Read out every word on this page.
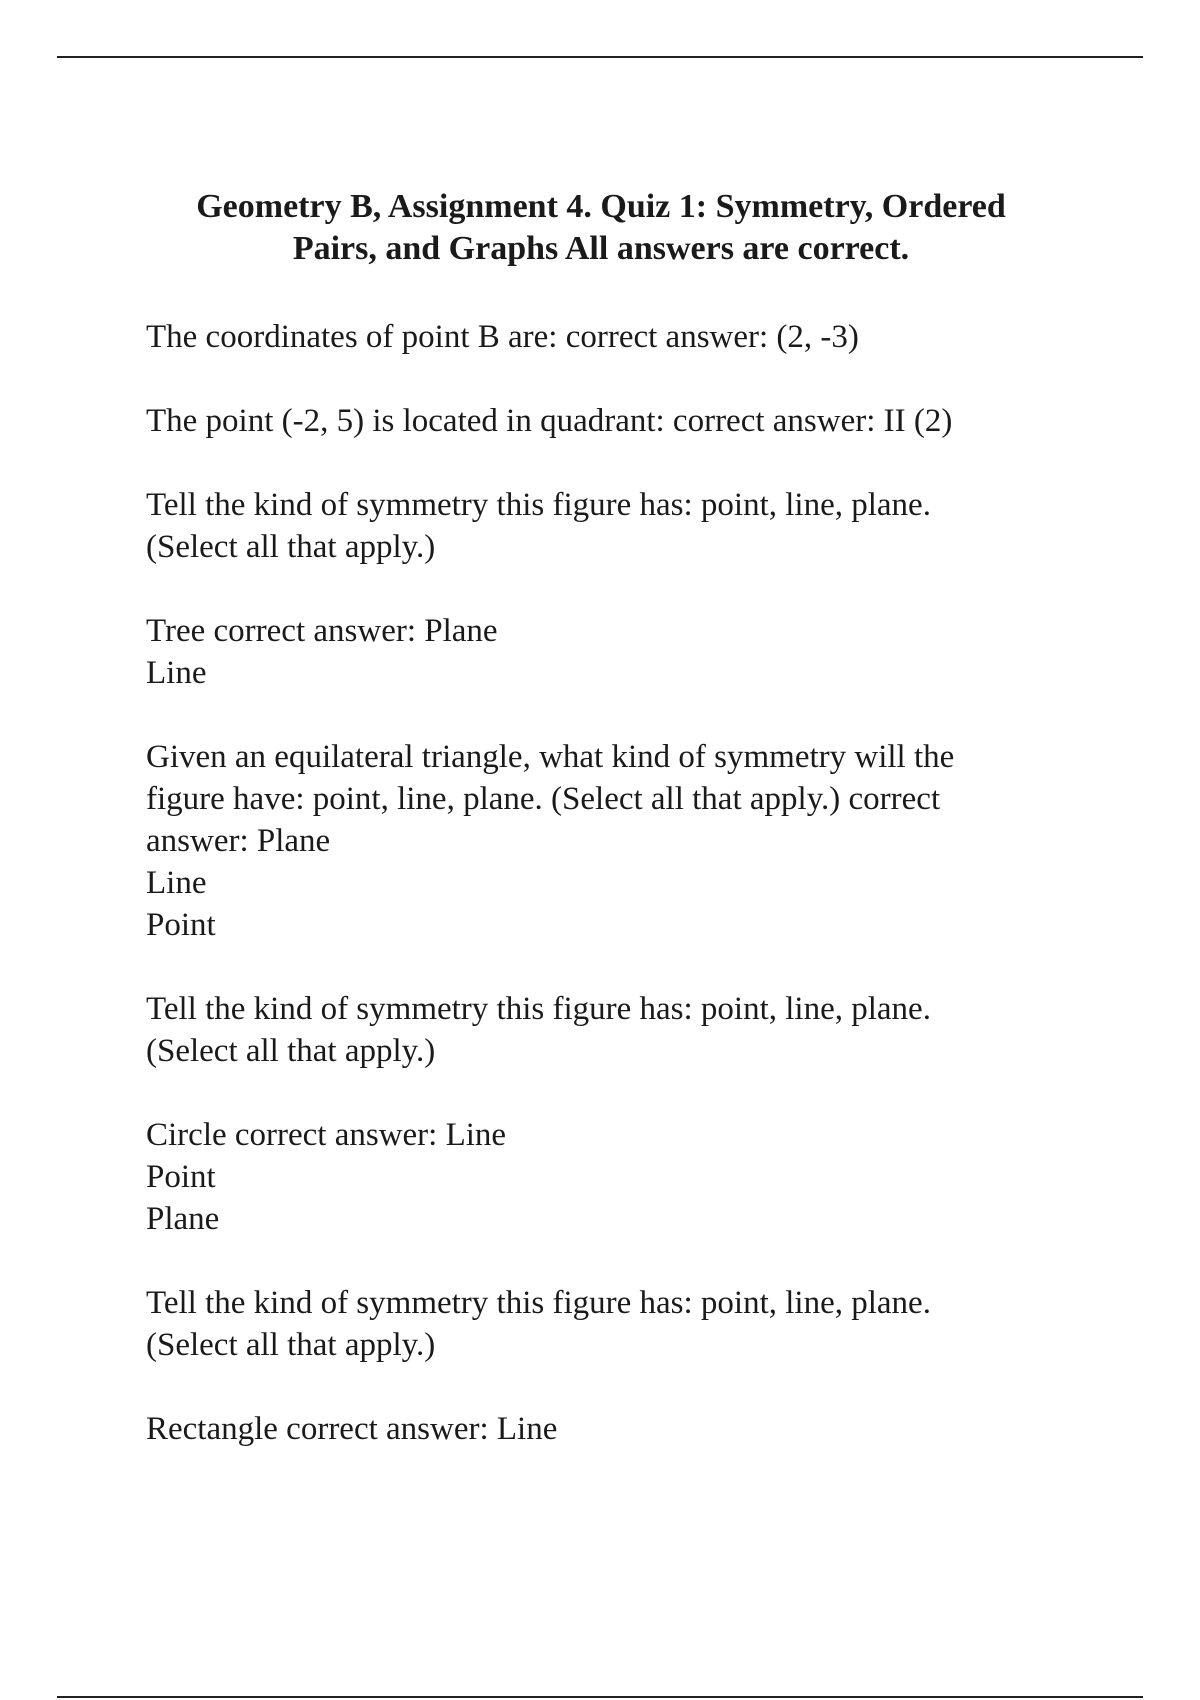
Geometry B, Assignment 4. Quiz 1: Symmetry, Ordered
Pairs, and Graphs All answers are correct.

The coordinates of point B are: correct answer: (2, -3)

The point (-2, 5) is located in quadrant: correct answer: II (2)

Tell the kind of symmetry this figure has: point, line, plane.
(Select all that apply.)

Tree correct answer: Plane
Line

Given an equilateral triangle, what kind of symmetry will the
figure have: point, line, plane. (Select all that apply.) correct
answer: Plane
Line
Point

Tell the kind of symmetry this figure has: point, line, plane.
(Select all that apply.)

Circle correct answer: Line
Point
Plane

Tell the kind of symmetry this figure has: point, line, plane.
(Select all that apply.)

Rectangle correct answer: Line
